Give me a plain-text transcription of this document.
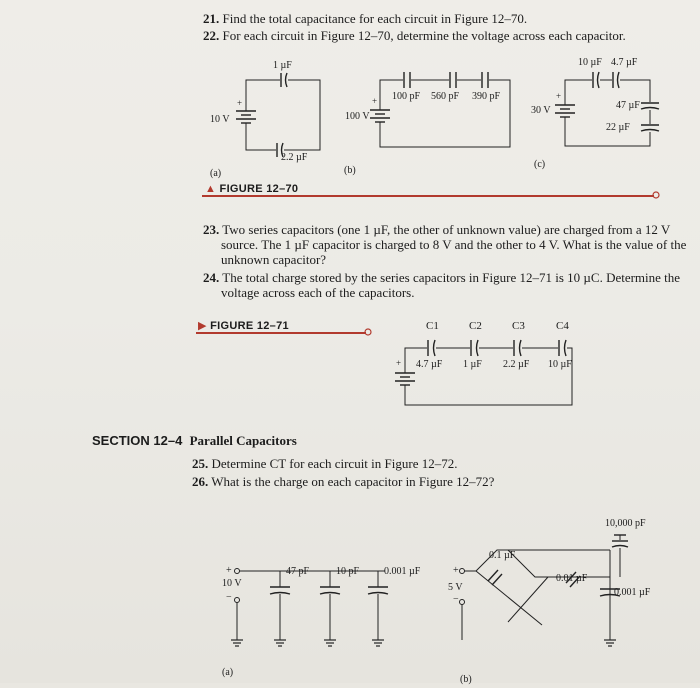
21. Find the total capacitance for each circuit in Figure 12–70.
22. For each circuit in Figure 12–70, determine the voltage across each capacitor.
+	+	+
1 µF
10 V
2.2 µF
(a)
100 pF 560 pF 390 pF
100 V
(b)
10 µF 4.7 µF
47 µF
22 µF
30 V
(c)
▲ FIGURE 12–70
23. Two series capacitors (one 1 µF, the other of unknown value) are charged from a 12 V
source. The 1 µF capacitor is charged to 8 V and the other to 4 V. What is the value of the
unknown capacitor?
24. The total charge stored by the series capacitors in Figure 12–71 is 10 µC. Determine the
voltage across each of the capacitors.
▶ FIGURE 12–71
+
C1	C2	C3	C4
4.7 µF 1 µF 2.2 µF 10 µF
SECTION 12–4 Parallel Capacitors
25. Determine CT for each circuit in Figure 12–72.
26. What is the charge on each capacitor in Figure 12–72?
+
10 V
−
47 pF	10 pF 0.001 µF
(a)
+
5 V
−
0.1 µF
10,000 pF
0.01 µF
0.001 µF
(b)
